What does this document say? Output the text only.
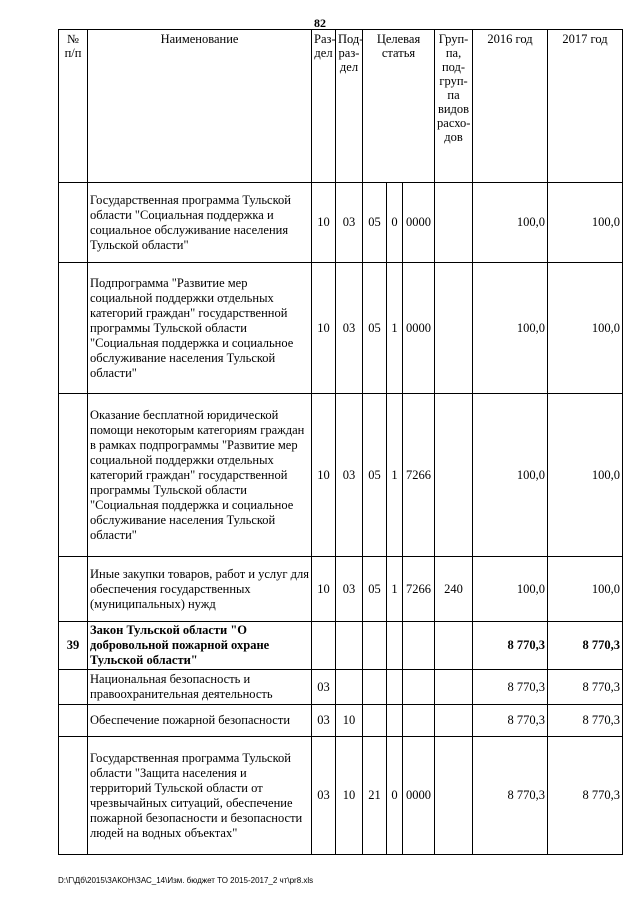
82
№ п/п	Наименование	Раз- дел	Под- раз- дел	Целевая статья			Груп- па, под- груп- па видов расхо- дов	2016 год	2017 год
	Государственная программа Тульской области "Социальная поддержка и социальное обслуживание населения Тульской области"	10	03	05	0	0000		100,0	100,0
	Подпрограмма "Развитие мер социальной поддержки отдельных категорий граждан" государственной программы Тульской области "Социальная поддержка и социальное обслуживание населения Тульской области"	10	03	05	1	0000		100,0	100,0
	Оказание бесплатной юридической помощи некоторым категориям граждан в рамках подпрограммы "Развитие мер социальной поддержки отдельных категорий граждан" государственной программы Тульской области "Социальная поддержка и социальное обслуживание населения Тульской области"	10	03	05	1	7266		100,0	100,0
	Иные закупки товаров, работ и услуг для обеспечения государственных (муниципальных) нужд	10	03	05	1	7266	240	100,0	100,0
39	Закон Тульской области "О добровольной пожарной охране Тульской области"							8 770,3	8 770,3
	Национальная безопасность и правоохранительная деятельность	03						8 770,3	8 770,3
	Обеспечение пожарной безопасности	03	10					8 770,3	8 770,3
	Государственная программа Тульской области "Защита населения и территорий Тульской области от чрезвычайных ситуаций, обеспечение пожарной безопасности и безопасности людей на водных объектах"	03	10	21	0	0000		8 770,3	8 770,3
D:\Г\Дб\2015\ЗАКОН\ЗАС_14\Изм. бюджет ТО 2015-2017_2 чт\pr8.xls
